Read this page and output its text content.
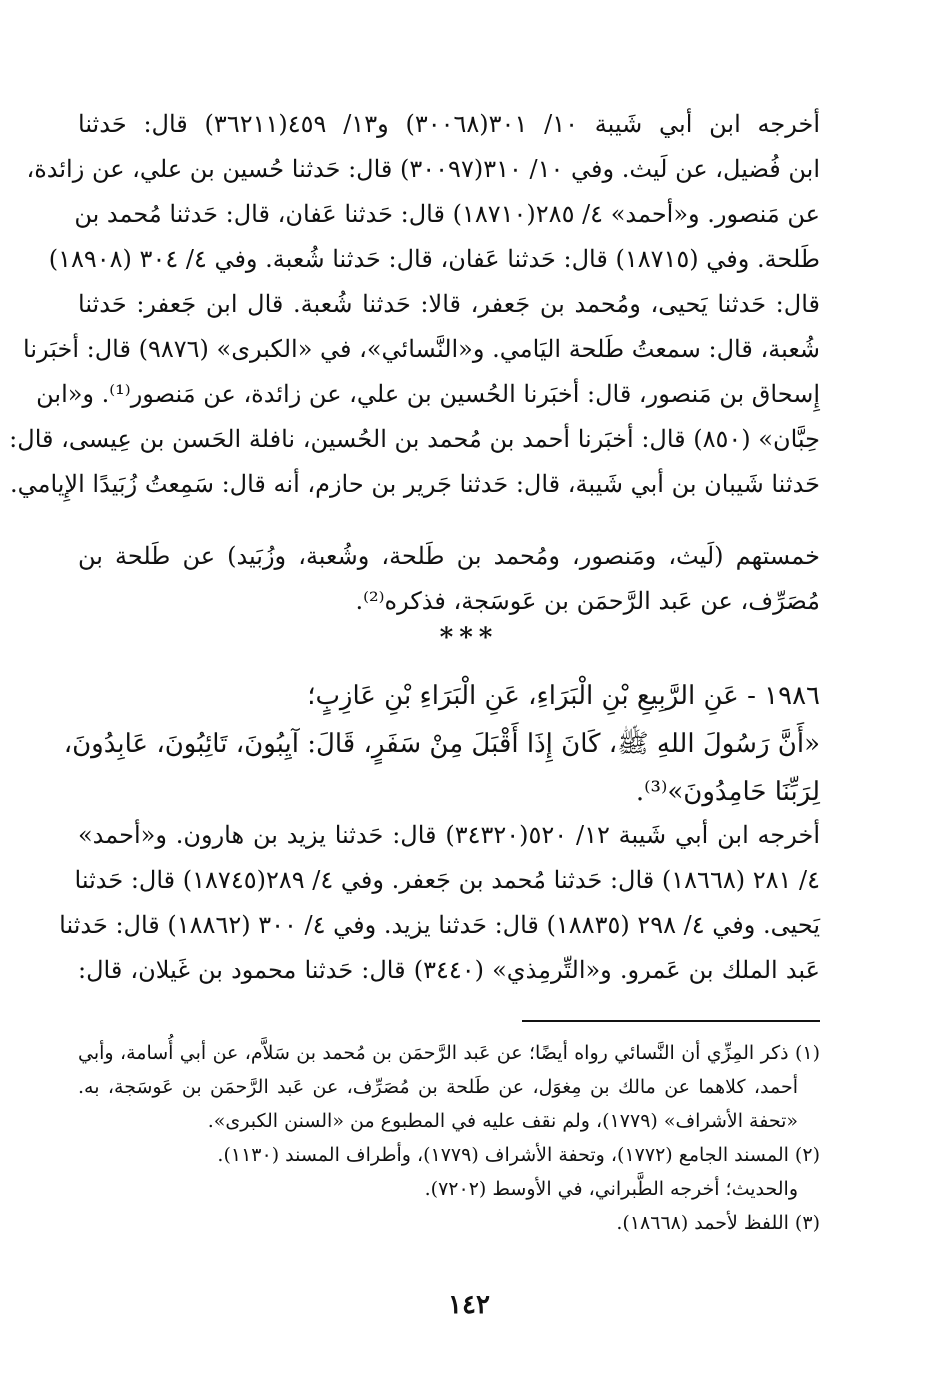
أخرجه ابن أبي شَيبة ١٠/ ٣٠١(٣٠٠٦٨) و١٣/ ٤٥٩(٣٦٢١١) قال: حَدثنا
ابن فُضيل، عن لَيث. وفي ١٠/ ٣١٠(٣٠٠٩٧) قال: حَدثنا حُسين بن علي، عن زائدة،
عن مَنصور. و«أحمد» ٤/ ٢٨٥(١٨٧١٠) قال: حَدثنا عَفان، قال: حَدثنا مُحمد بن
طَلحة. وفي (١٨٧١٥) قال: حَدثنا عَفان، قال: حَدثنا شُعبة. وفي ٤/ ٣٠٤ (١٨٩٠٨)
قال: حَدثنا يَحيى، ومُحمد بن جَعفر، قالا: حَدثنا شُعبة. قال ابن جَعفر: حَدثنا
شُعبة، قال: سمعتُ طَلحة اليَامي. و«النَّسائي»، في «الكبرى» (٩٨٧٦) قال: أخبَرنا
إِسحاق بن مَنصور، قال: أخبَرنا الحُسين بن علي، عن زائدة، عن مَنصور⁽¹⁾. و«ابن
حِبَّان» (٨٥٠) قال: أخبَرنا أحمد بن مُحمد بن الحُسين، نافلة الحَسن بن عِيسى، قال:
حَدثنا شَيبان بن أبي شَيبة، قال: حَدثنا جَرير بن حازم، أنه قال: سَمِعتُ زُبَيدًا الإِيامي.
خمستهم (لَيث، ومَنصور، ومُحمد بن طَلحة، وشُعبة، وزُبَيد) عن طَلحة بن
مُصَرِّف، عن عَبد الرَّحمَن بن عَوسَجة، فذكره⁽²⁾.
***
١٩٨٦ - عَنِ الرَّبِيعِ بْنِ الْبَرَاءِ، عَنِ الْبَرَاءِ بْنِ عَازِبٍ؛
«أَنَّ رَسُولَ اللهِ ﷺ، كَانَ إِذَا أَقْبَلَ مِنْ سَفَرٍ، قَالَ: آيِبُونَ، تَائِبُونَ، عَابِدُونَ،
لِرَبِّنَا حَامِدُونَ»⁽³⁾.
أخرجه ابن أبي شَيبة ١٢/ ٥٢٠(٣٤٣٢٠) قال: حَدثنا يزيد بن هارون. و«أحمد»
٤/ ٢٨١ (١٨٦٦٨) قال: حَدثنا مُحمد بن جَعفر. وفي ٤/ ٢٨٩(١٨٧٤٥) قال: حَدثنا
يَحيى. وفي ٤/ ٢٩٨ (١٨٨٣٥) قال: حَدثنا يزيد. وفي ٤/ ٣٠٠ (١٨٨٦٢) قال: حَدثنا
عَبد الملك بن عَمرو. و«التِّرمِذي» (٣٤٤٠) قال: حَدثنا محمود بن غَيلان، قال:
(١) ذكر المِزِّي أن النَّسائي رواه أيضًا؛ عن عَبد الرَّحمَن بن مُحمد بن سَلاَّم، عن أبي أُسامة، وأبي
أحمد، كلاهما عن مالك بن مِغوَل، عن طَلحة بن مُصَرِّف، عن عَبد الرَّحمَن بن عَوسَجة، به.
«تحفة الأشراف» (١٧٧٩)، ولم نقف عليه في المطبوع من «السنن الكبرى».
(٢) المسند الجامع (١٧٧٢)، وتحفة الأشراف (١٧٧٩)، وأطراف المسند (١١٣٠).
والحديث؛ أخرجه الطَّبراني، في الأوسط (٧٢٠٢).
(٣) اللفظ لأحمد (١٨٦٦٨).
١٤٢
